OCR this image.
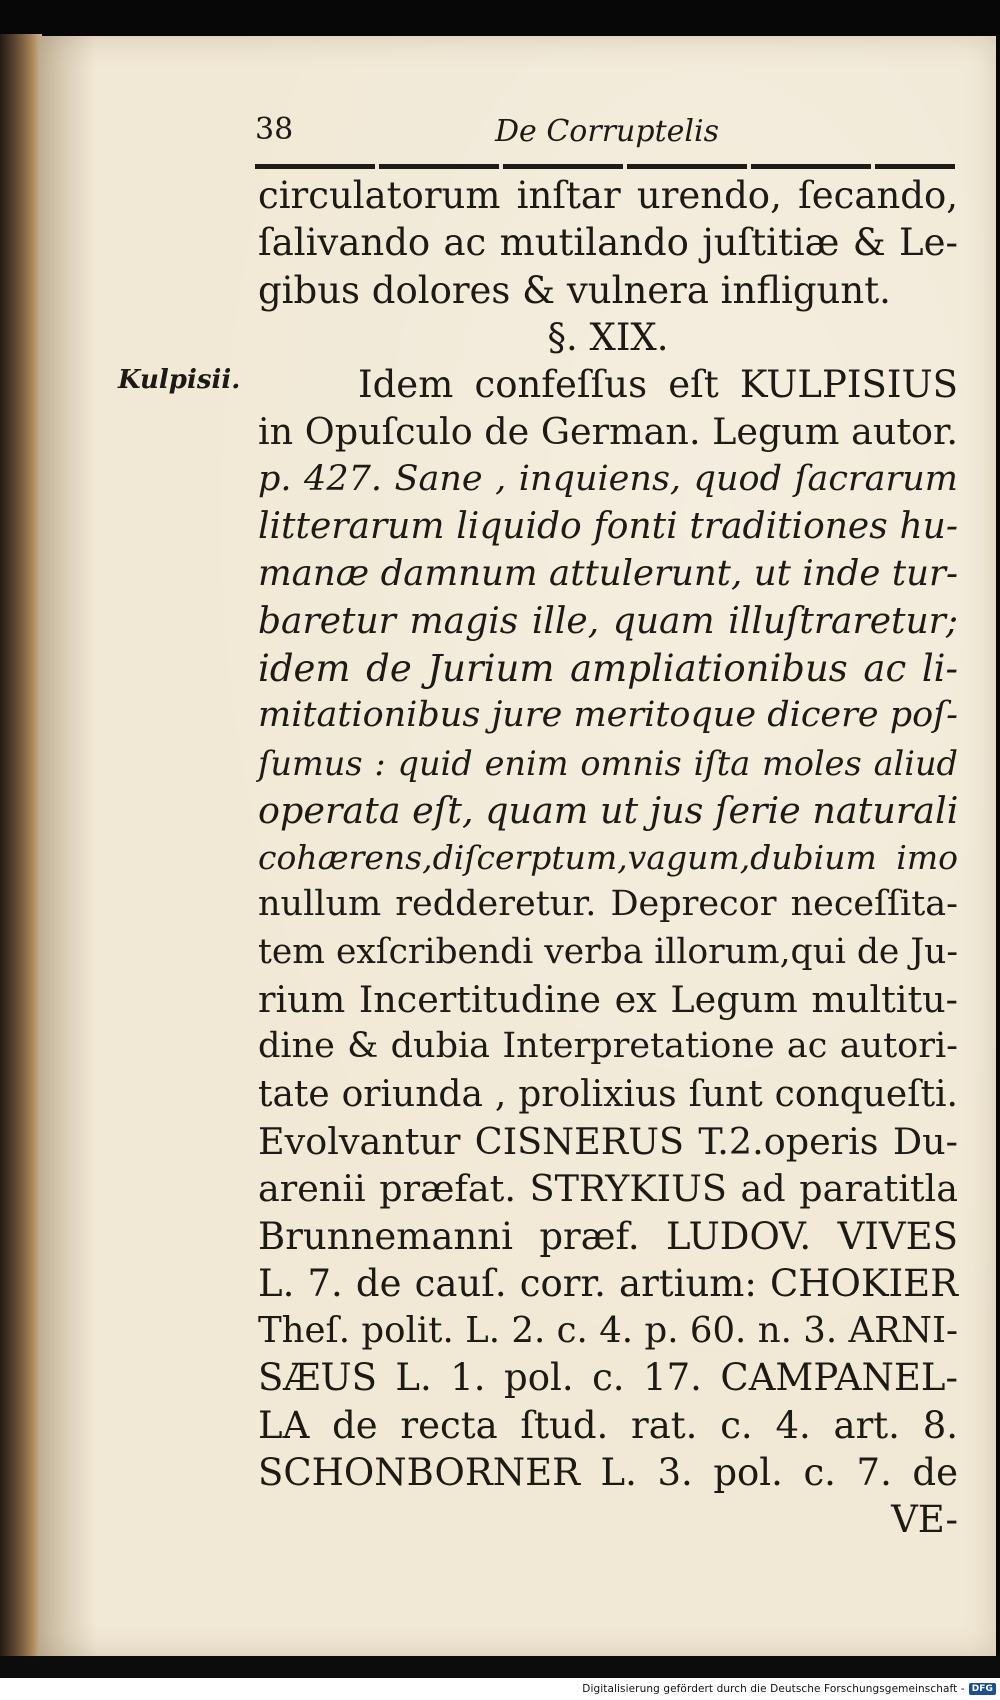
38	De Corruptelis
Kulpisii.
circulatorum inſtar urendo, ſecando,
ſalivando ac mutilando juſtitiæ & Le-
gibus dolores & vulnera infligunt.
§. XIX.
Idem confeſſus eſt KULPISIUS
in Opuſculo de German. Legum autor.
p. 427. Sane , inquiens, quod ſacrarum
litterarum liquido fonti traditiones hu-
manæ damnum attulerunt, ut inde tur-
baretur magis ille, quam illuſtraretur;
idem de Jurium ampliationibus ac li-
mitationibus jure meritoque dicere poſ-
ſumus : quid enim omnis iſta moles aliud
operata eſt, quam ut jus ſerie naturali
cohærens,diſcerptum,vagum,dubium imo
nullum redderetur. Deprecor neceſſita-
tem exſcribendi verba illorum,qui de Ju-
rium Incertitudine ex Legum multitu-
dine & dubia Interpretatione ac autori-
tate oriunda , prolixius ſunt conqueſti.
Evolvantur CISNERUS T.2.operis Du-
arenii præfat. STRYKIUS ad paratitla
Brunnemanni præf. LUDOV. VIVES
L. 7. de cauſ. corr. artium: CHOKIER
Theſ. polit. L. 2. c. 4. p. 60. n. 3. ARNI-
SÆUS L. 1. pol. c. 17. CAMPANEL-
LA de recta ſtud. rat. c. 4. art. 8.
SCHONBORNER L. 3. pol. c. 7. de
VE-
Digitalisierung gefördert durch die Deutsche Forschungsgemeinschaft - DFG
